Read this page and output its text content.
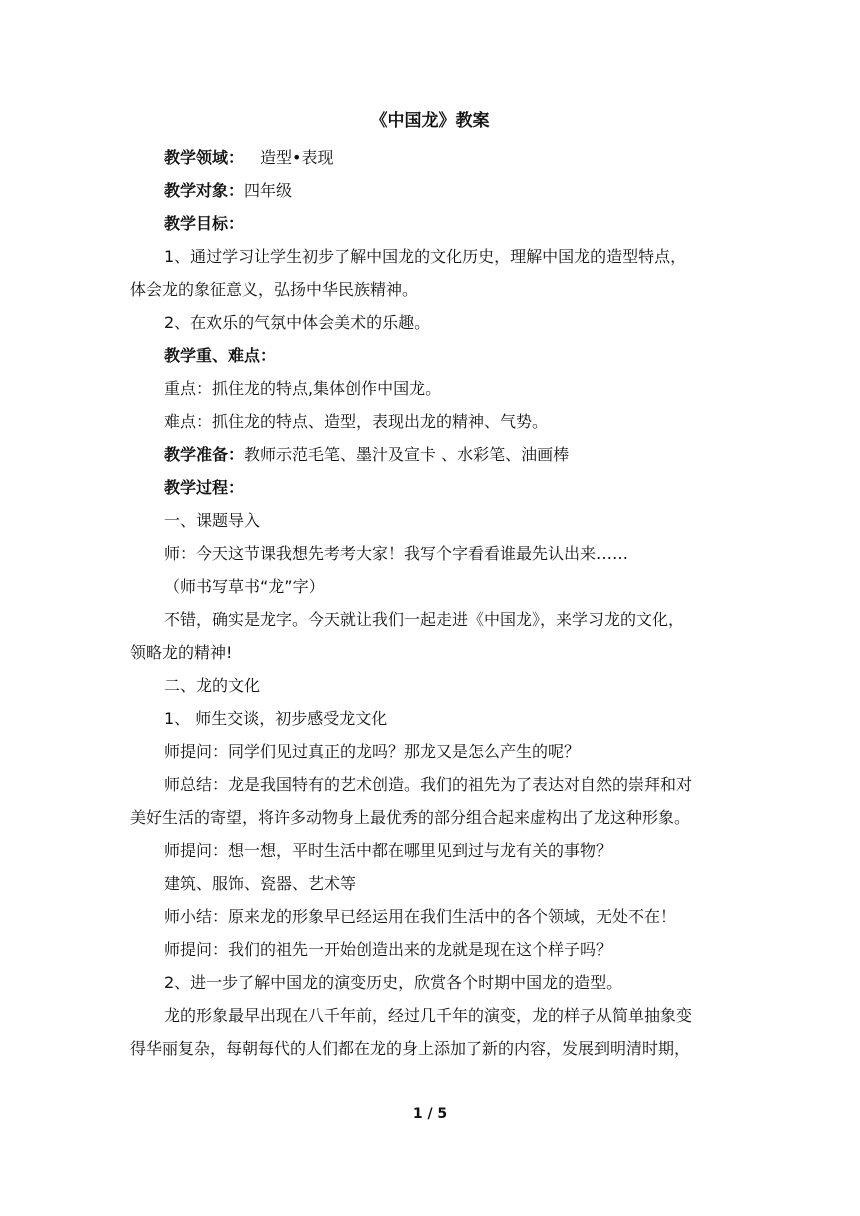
《中国龙》教案
教学领域： 造型•表现
教学对象：四年级
教学目标：
1、通过学习让学生初步了解中国龙的文化历史，理解中国龙的造型特点，
体会龙的象征意义，弘扬中华民族精神。
2、在欢乐的气氛中体会美术的乐趣。
教学重、难点：
重点：抓住龙的特点,集体创作中国龙。
难点：抓住龙的特点、造型，表现出龙的精神、气势。
教学准备：教师示范毛笔、墨汁及宣卡 、水彩笔、油画棒
教学过程：
一、课题导入
师：今天这节课我想先考考大家！我写个字看看谁最先认出来……
（师书写草书“龙”字）
不错，确实是龙字。今天就让我们一起走进《中国龙》，来学习龙的文化，
领略龙的精神!
二、龙的文化
1、 师生交谈，初步感受龙文化
师提问：同学们见过真正的龙吗？那龙又是怎么产生的呢？
师总结：龙是我国特有的艺术创造。我们的祖先为了表达对自然的崇拜和对
美好生活的寄望，将许多动物身上最优秀的部分组合起来虚构出了龙这种形象。
师提问：想一想，平时生活中都在哪里见到过与龙有关的事物？
建筑、服饰、瓷器、艺术等
师小结：原来龙的形象早已经运用在我们生活中的各个领域，无处不在！
师提问：我们的祖先一开始创造出来的龙就是现在这个样子吗？
2、进一步了解中国龙的演变历史，欣赏各个时期中国龙的造型。
龙的形象最早出现在八千年前，经过几千年的演变，龙的样子从简单抽象变
得华丽复杂，每朝每代的人们都在龙的身上添加了新的内容，发展到明清时期，
1 / 5
